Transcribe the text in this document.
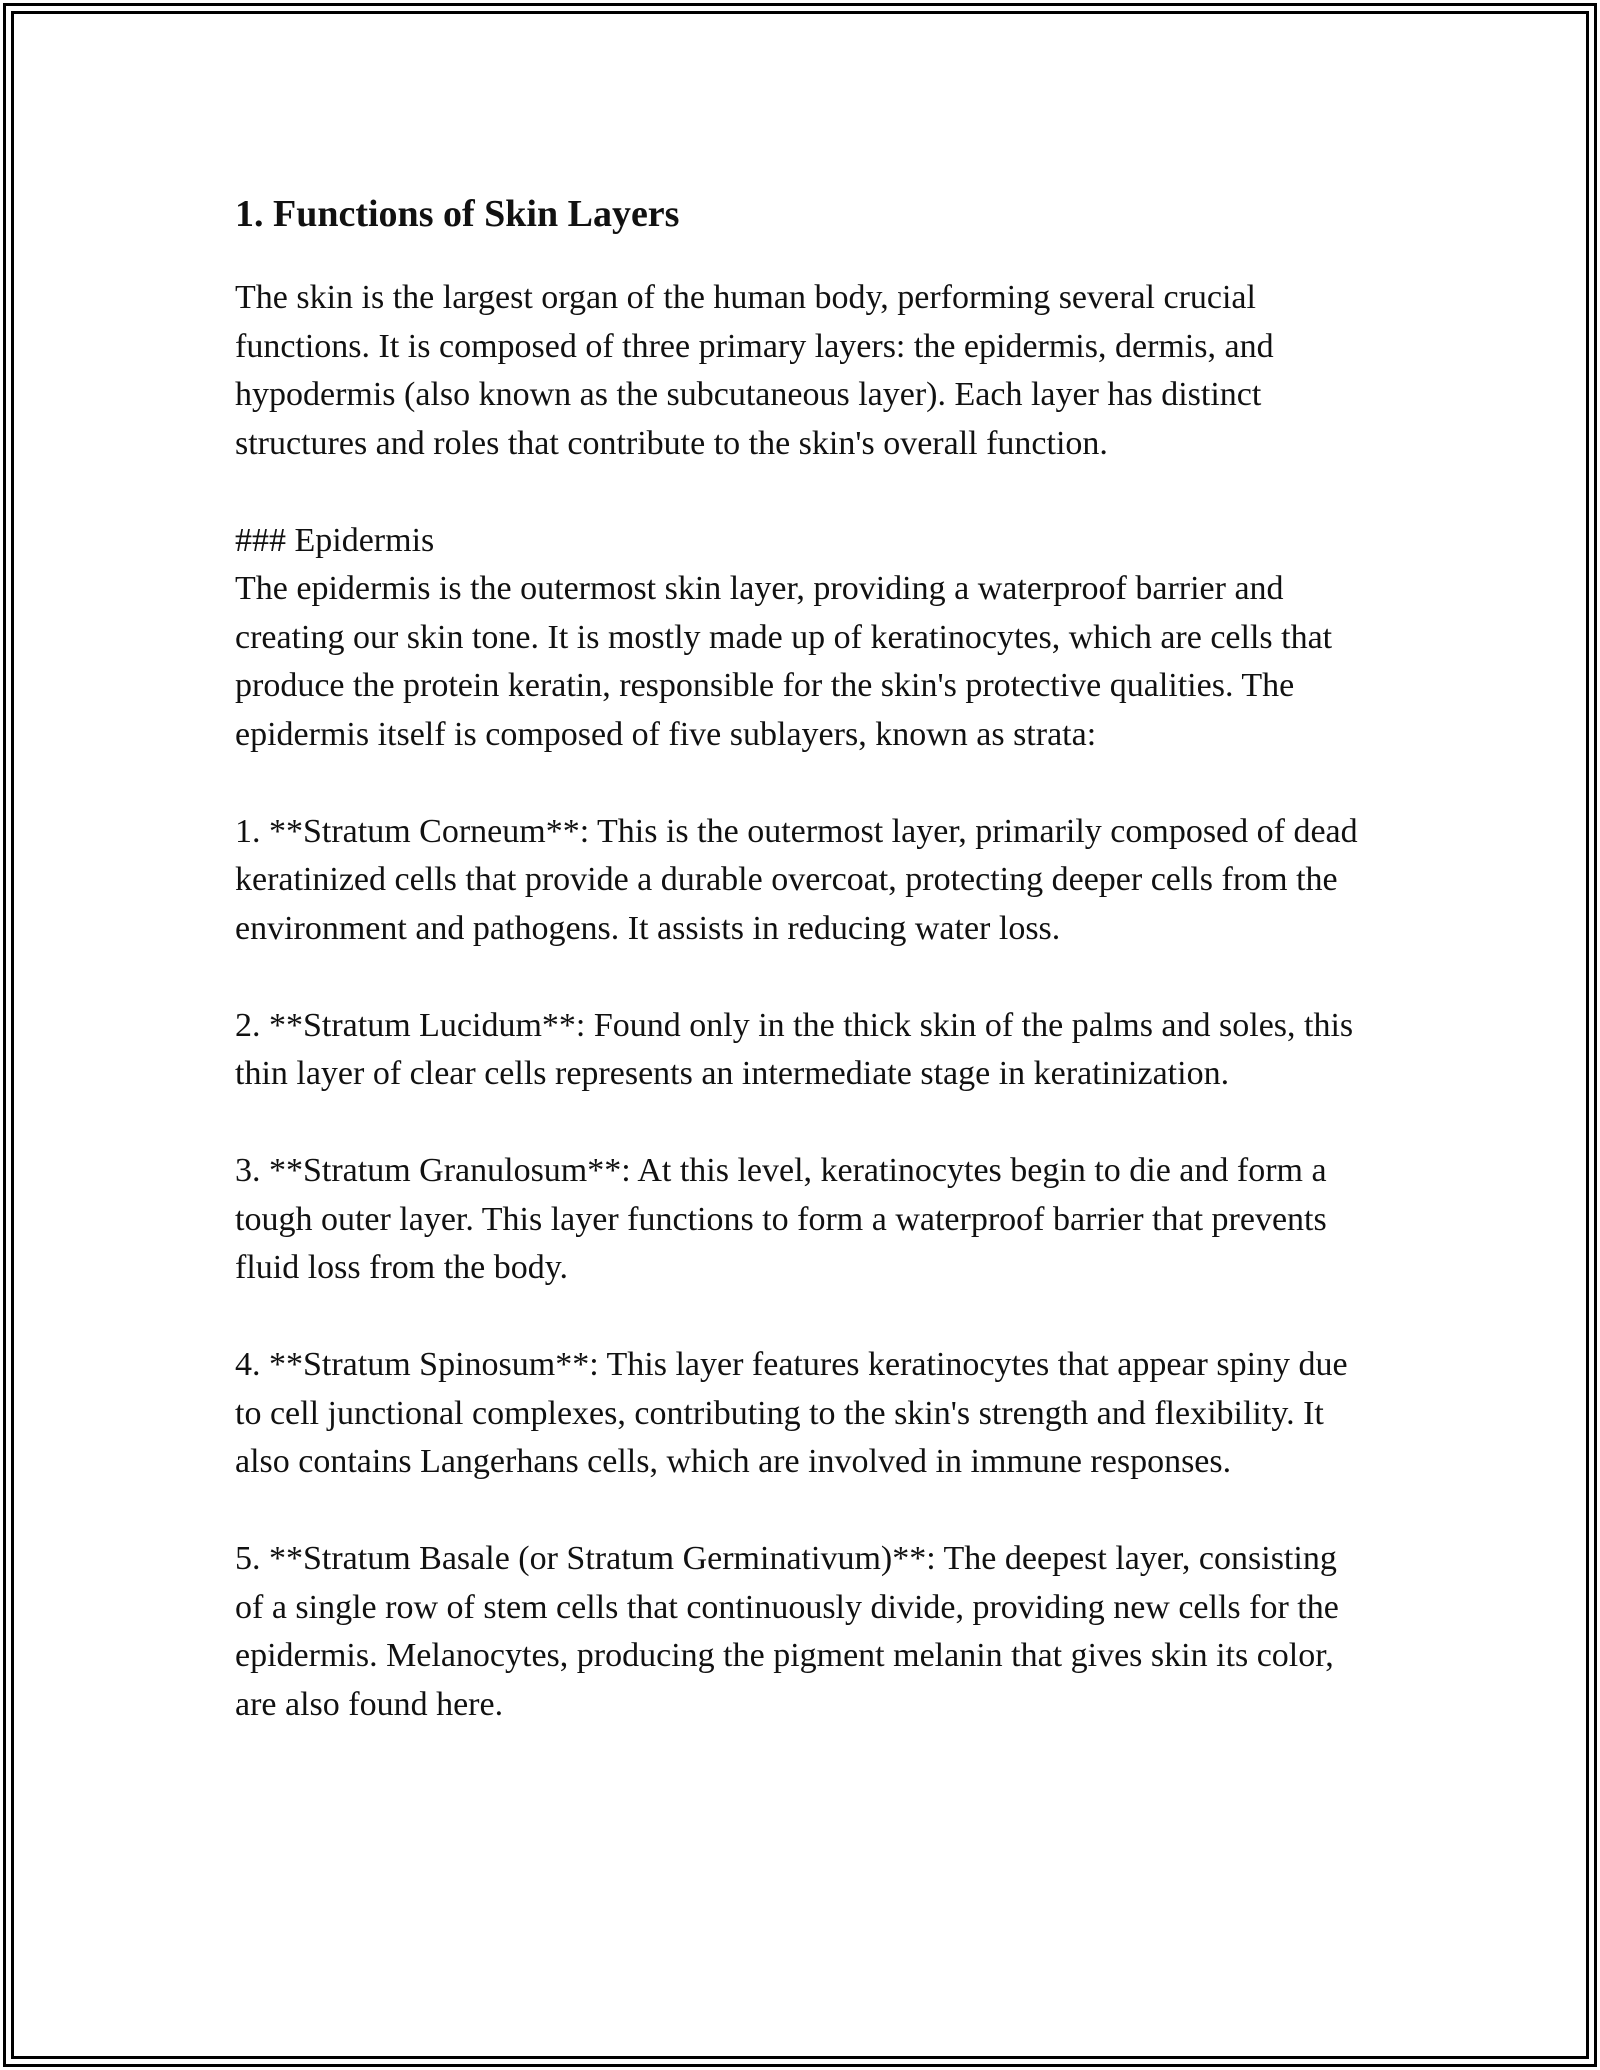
1. Functions of Skin Layers

The skin is the largest organ of the human body, performing several crucial functions. It is composed of three primary layers: the epidermis, dermis, and hypodermis (also known as the subcutaneous layer). Each layer has distinct structures and roles that contribute to the skin's overall function.

### Epidermis

The epidermis is the outermost skin layer, providing a waterproof barrier and creating our skin tone. It is mostly made up of keratinocytes, which are cells that produce the protein keratin, responsible for the skin's protective qualities. The epidermis itself is composed of five sublayers, known as strata:

1. **Stratum Corneum**: This is the outermost layer, primarily composed of dead keratinized cells that provide a durable overcoat, protecting deeper cells from the environment and pathogens. It assists in reducing water loss.

2. **Stratum Lucidum**: Found only in the thick skin of the palms and soles, this thin layer of clear cells represents an intermediate stage in keratinization.

3. **Stratum Granulosum**: At this level, keratinocytes begin to die and form a tough outer layer. This layer functions to form a waterproof barrier that prevents fluid loss from the body.

4. **Stratum Spinosum**: This layer features keratinocytes that appear spiny due to cell junctional complexes, contributing to the skin's strength and flexibility. It also contains Langerhans cells, which are involved in immune responses.

5. **Stratum Basale (or Stratum Germinativum)**: The deepest layer, consisting of a single row of stem cells that continuously divide, providing new cells for the epidermis. Melanocytes, producing the pigment melanin that gives skin its color, are also found here.
